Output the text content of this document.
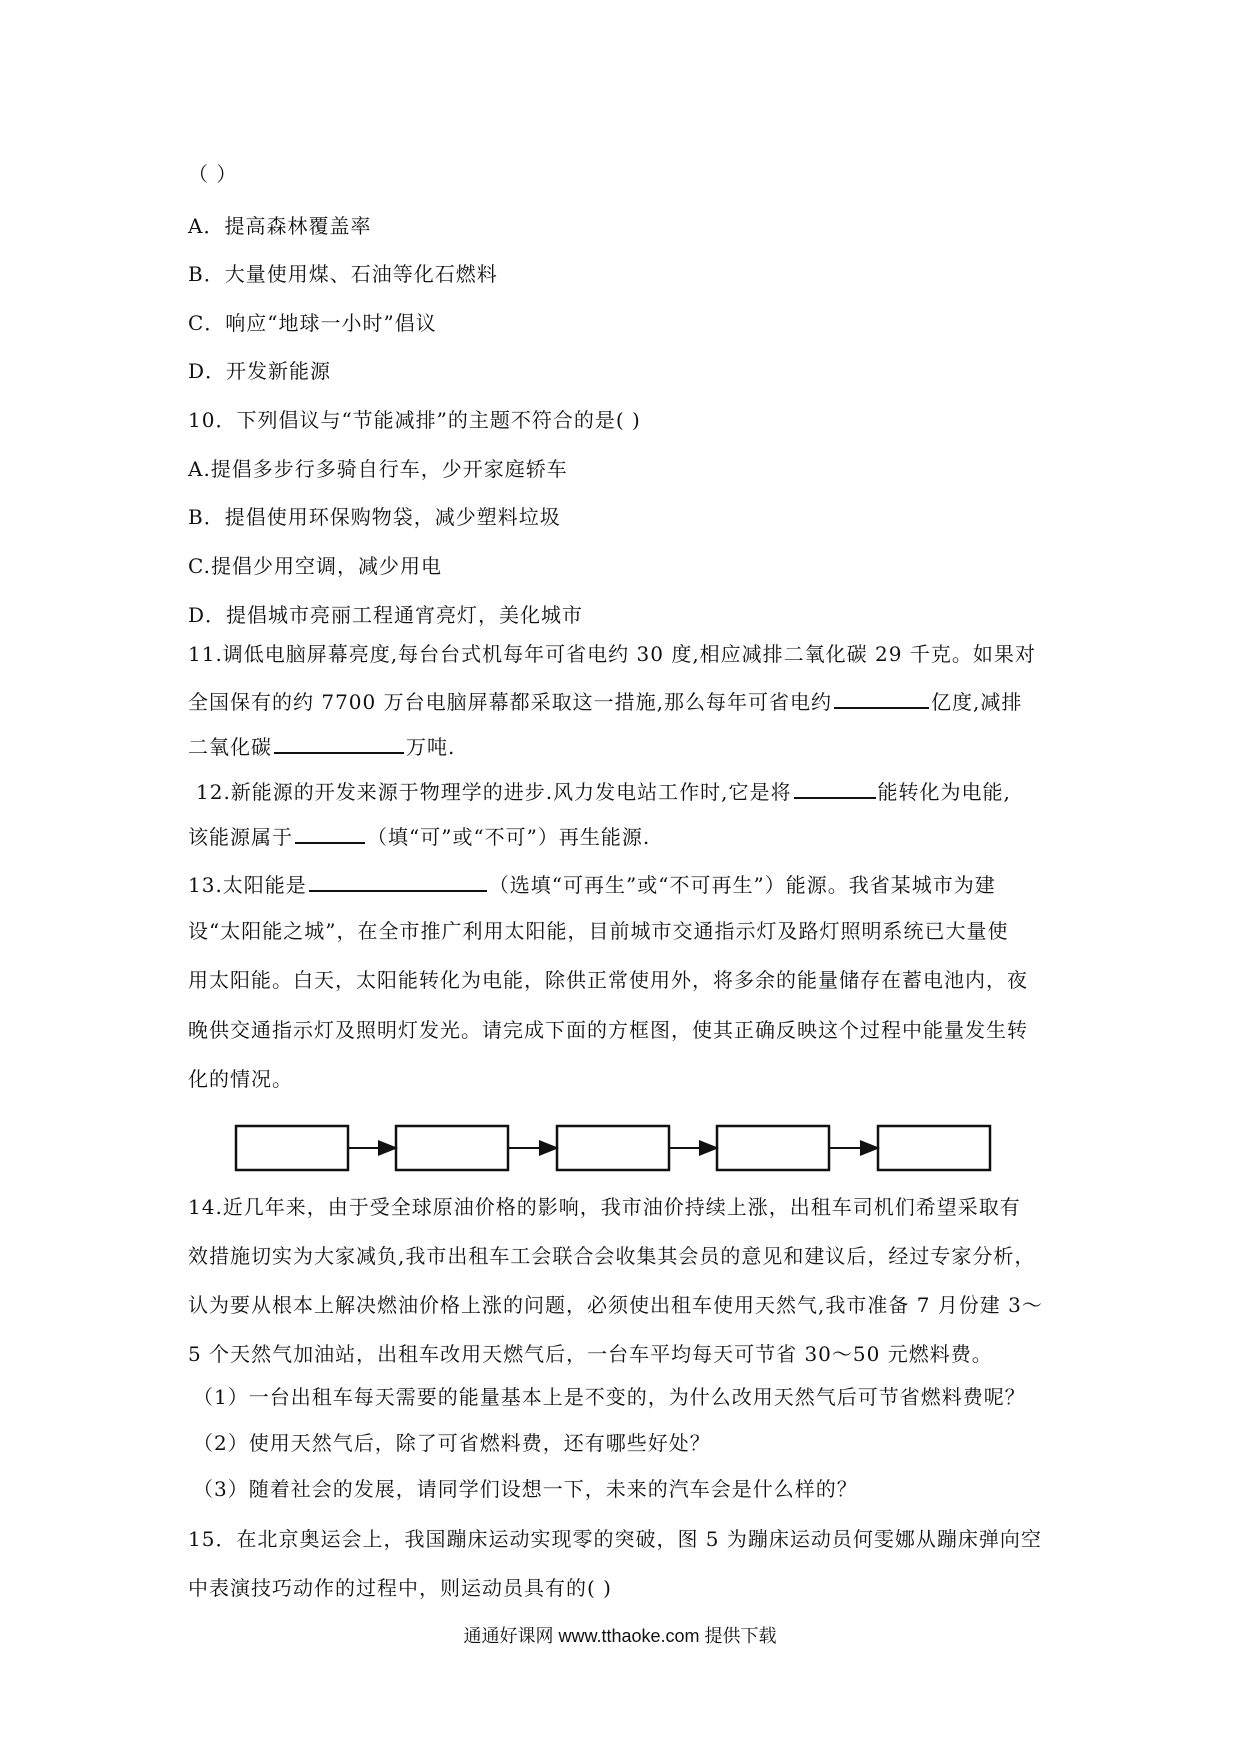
（ ）
A．提高森林覆盖率
B．大量使用煤、石油等化石燃料
C．响应“地球一小时”倡议
D．开发新能源
10．下列倡议与“节能减排”的主题不符合的是( )
A.提倡多步行多骑自行车，少开家庭轿车
B．提倡使用环保购物袋，减少塑料垃圾
C.提倡少用空调，减少用电
D．提倡城市亮丽工程通宵亮灯，美化城市
11.调低电脑屏幕亮度,每台台式机每年可省电约 30 度,相应减排二氧化碳 29 千克。如果对
全国保有的约 7700 万台电脑屏幕都采取这一措施,那么每年可省电约	亿度,减排
二氧化碳	万吨.
12.新能源的开发来源于物理学的进步.风力发电站工作时,它是将	能转化为电能,
该能源属于	（填“可”或“不可”）再生能源.
13.太阳能是	（选填“可再生”或“不可再生”）能源。我省某城市为建
设“太阳能之城”，在全市推广利用太阳能，目前城市交通指示灯及路灯照明系统已大量使
用太阳能。白天，太阳能转化为电能，除供正常使用外，将多余的能量储存在蓄电池内，夜
晚供交通指示灯及照明灯发光。请完成下面的方框图，使其正确反映这个过程中能量发生转
化的情况。
14.近几年来，由于受全球原油价格的影响，我市油价持续上涨，出租车司机们希望采取有
效措施切实为大家减负,我市出租车工会联合会收集其会员的意见和建议后，经过专家分析，
认为要从根本上解决燃油价格上涨的问题，必须使出租车使用天然气,我市准备 7 月份建 3～
5 个天然气加油站，出租车改用天燃气后，一台车平均每天可节省 30～50 元燃料费。
（1）一台出租车每天需要的能量基本上是不变的，为什么改用天然气后可节省燃料费呢？
（2）使用天然气后，除了可省燃料费，还有哪些好处？
（3）随着社会的发展，请同学们设想一下，未来的汽车会是什么样的？
15．在北京奥运会上，我国蹦床运动实现零的突破，图 5 为蹦床运动员何雯娜从蹦床弹向空
中表演技巧动作的过程中，则运动员具有的( )
通通好课网 www.tthaoke.com 提供下载
